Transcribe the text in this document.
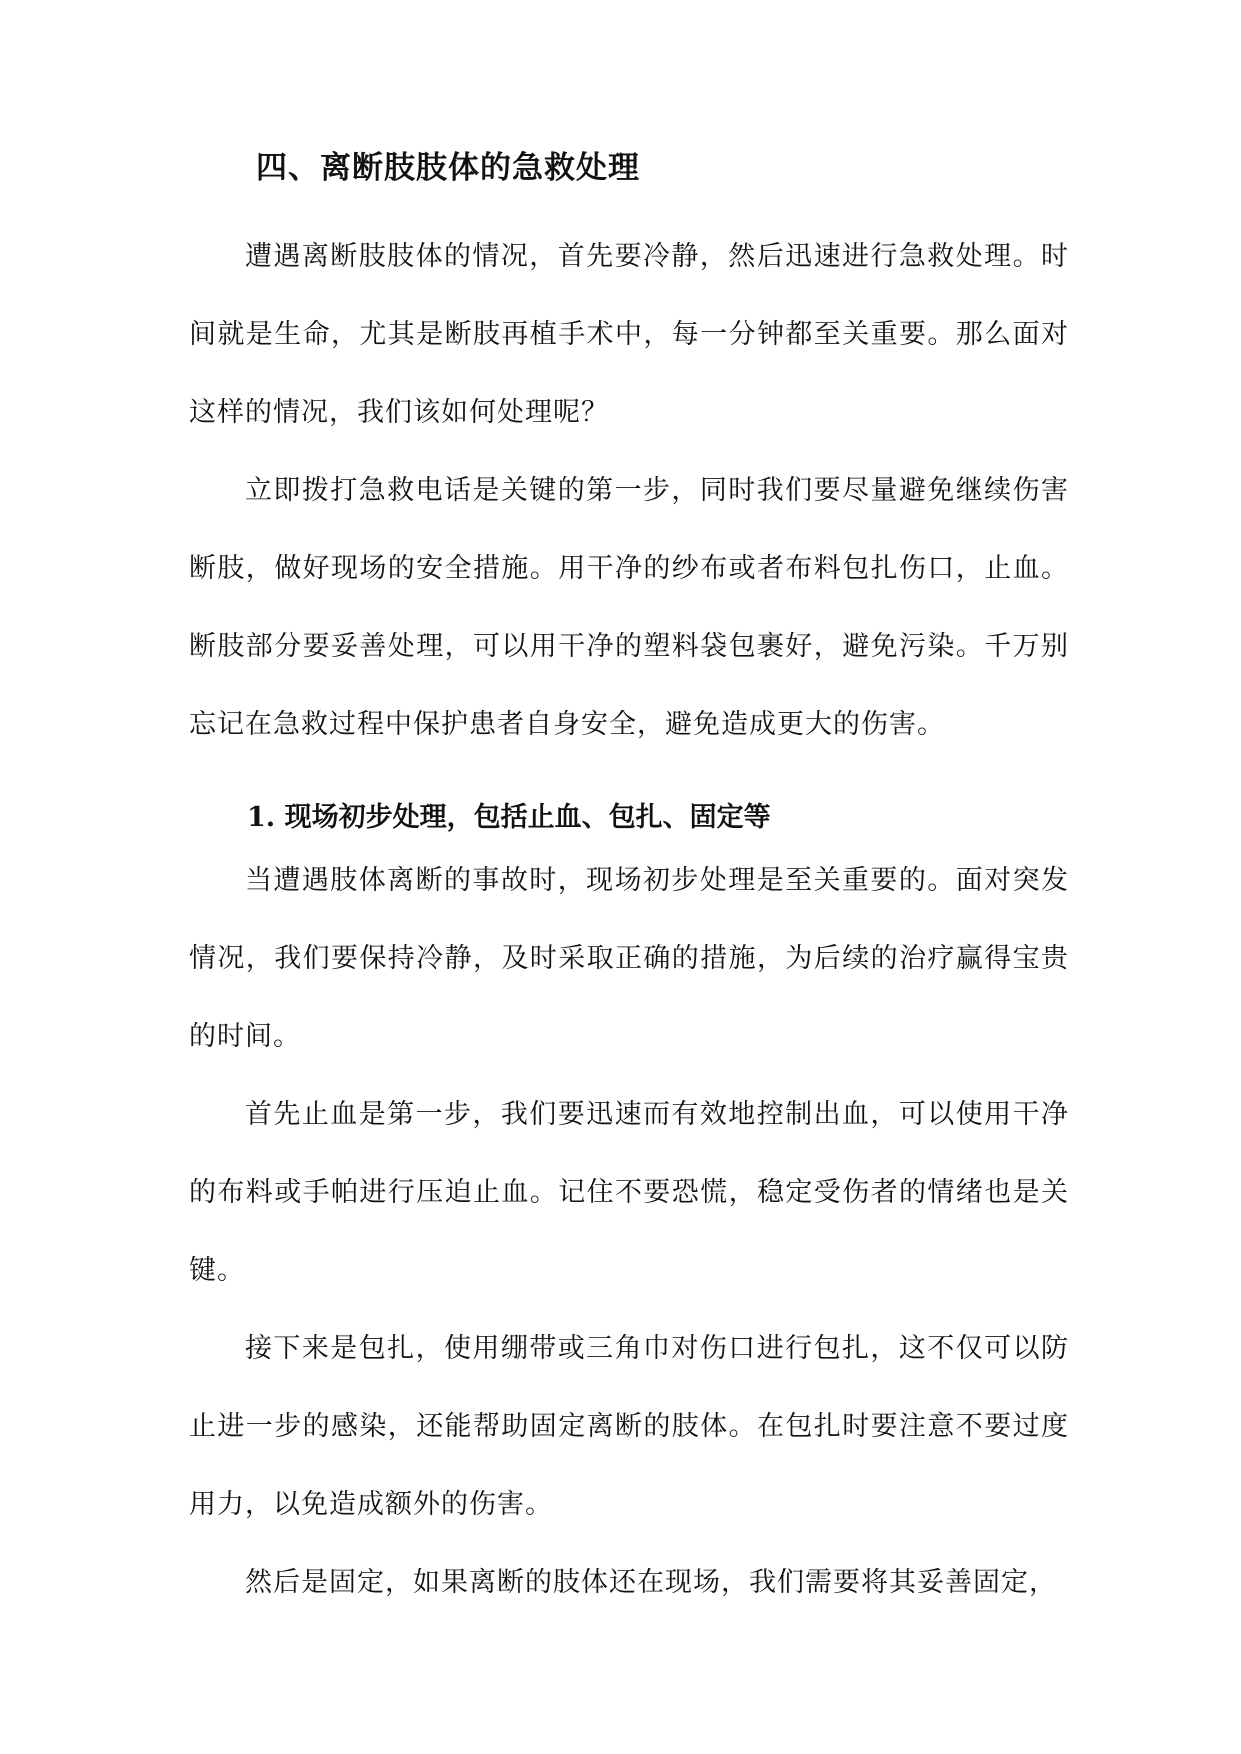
四、离断肢肢体的急救处理

遭遇离断肢肢体的情况，首先要冷静，然后迅速进行急救处理。时间就是生命，尤其是断肢再植手术中，每一分钟都至关重要。那么面对这样的情况，我们该如何处理呢？

立即拨打急救电话是关键的第一步，同时我们要尽量避免继续伤害断肢，做好现场的安全措施。用干净的纱布或者布料包扎伤口，止血。断肢部分要妥善处理，可以用干净的塑料袋包裹好，避免污染。千万别忘记在急救过程中保护患者自身安全，避免造成更大的伤害。

1. 现场初步处理，包括止血、包扎、固定等

当遭遇肢体离断的事故时，现场初步处理是至关重要的。面对突发情况，我们要保持冷静，及时采取正确的措施，为后续的治疗赢得宝贵的时间。

首先止血是第一步，我们要迅速而有效地控制出血，可以使用干净的布料或手帕进行压迫止血。记住不要恐慌，稳定受伤者的情绪也是关键。

接下来是包扎，使用绷带或三角巾对伤口进行包扎，这不仅可以防止进一步的感染，还能帮助固定离断的肢体。在包扎时要注意不要过度用力，以免造成额外的伤害。

然后是固定，如果离断的肢体还在现场，我们需要将其妥善固定，
